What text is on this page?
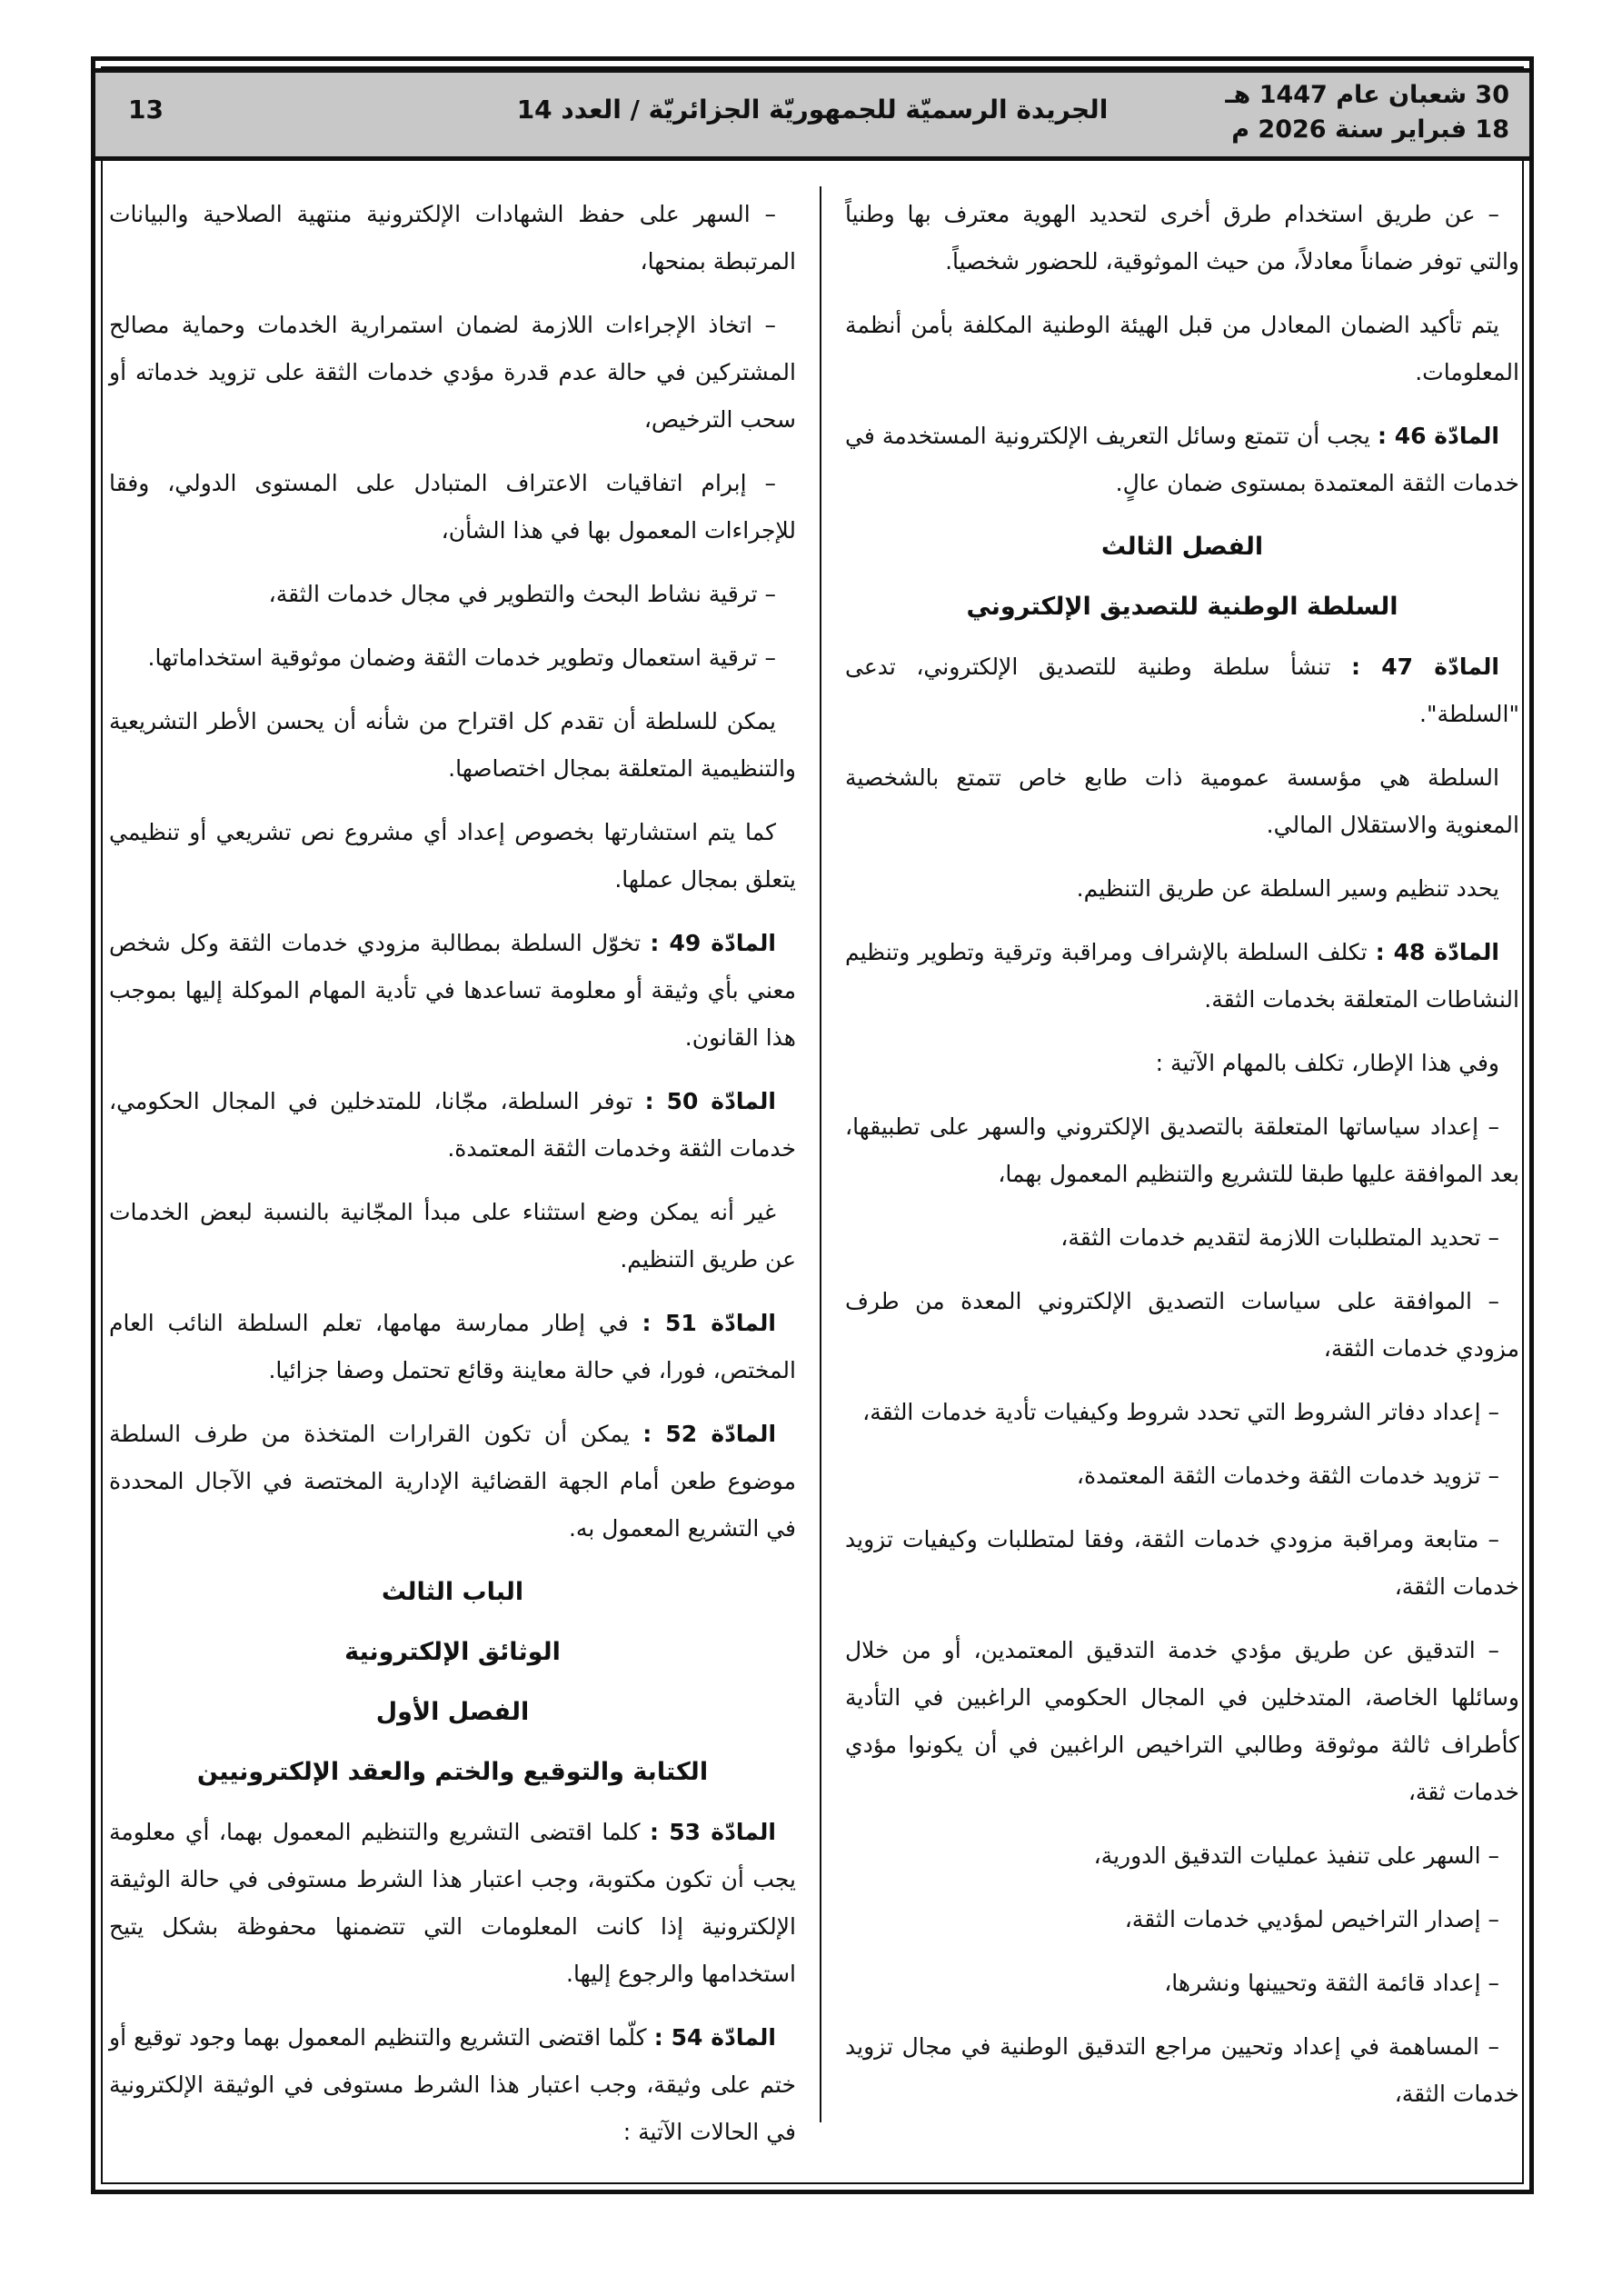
30 شعبان عام 1447 هـ
18 فبراير سنة 2026 م
الجريدة الرسميّة للجمهوريّة الجزائريّة / العدد 14
13

– عن طريق استخدام طرق أخرى لتحديد الهوية معترف بها وطنياً والتي توفر ضماناً معادلاً، من حيث الموثوقية، للحضور شخصياً.

يتم تأكيد الضمان المعادل من قبل الهيئة الوطنية المكلفة بأمن أنظمة المعلومات.

المادّة 46 : يجب أن تتمتع وسائل التعريف الإلكترونية المستخدمة في خدمات الثقة المعتمدة بمستوى ضمان عالٍ.

الفصل الثالث

السلطة الوطنية للتصديق الإلكتروني

المادّة 47 : تنشأ سلطة وطنية للتصديق الإلكتروني، تدعى "السلطة".

السلطة هي مؤسسة عمومية ذات طابع خاص تتمتع بالشخصية المعنوية والاستقلال المالي.

يحدد تنظيم وسير السلطة عن طريق التنظيم.

المادّة 48 : تكلف السلطة بالإشراف ومراقبة وترقية وتطوير وتنظيم النشاطات المتعلقة بخدمات الثقة.

وفي هذا الإطار، تكلف بالمهام الآتية :

– إعداد سياساتها المتعلقة بالتصديق الإلكتروني والسهر على تطبيقها، بعد الموافقة عليها طبقا للتشريع والتنظيم المعمول بهما،

– تحديد المتطلبات اللازمة لتقديم خدمات الثقة،

– الموافقة على سياسات التصديق الإلكتروني المعدة من طرف مزودي خدمات الثقة،

– إعداد دفاتر الشروط التي تحدد شروط وكيفيات تأدية خدمات الثقة،

– تزويد خدمات الثقة وخدمات الثقة المعتمدة،

– متابعة ومراقبة مزودي خدمات الثقة، وفقا لمتطلبات وكيفيات تزويد خدمات الثقة،

– التدقيق عن طريق مؤدي خدمة التدقيق المعتمدين، أو من خلال وسائلها الخاصة، المتدخلين في المجال الحكومي الراغبين في التأدية كأطراف ثالثة موثوقة وطالبي التراخيص الراغبين في أن يكونوا مؤدي خدمات ثقة،

– السهر على تنفيذ عمليات التدقيق الدورية،

– إصدار التراخيص لمؤديي خدمات الثقة،

– إعداد قائمة الثقة وتحيينها ونشرها،

– المساهمة في إعداد وتحيين مراجع التدقيق الوطنية في مجال تزويد خدمات الثقة،

– السهر على حفظ الشهادات الإلكترونية منتهية الصلاحية والبيانات المرتبطة بمنحها،

– اتخاذ الإجراءات اللازمة لضمان استمرارية الخدمات وحماية مصالح المشتركين في حالة عدم قدرة مؤدي خدمات الثقة على تزويد خدماته أو سحب الترخيص،

– إبرام اتفاقيات الاعتراف المتبادل على المستوى الدولي، وفقا للإجراءات المعمول بها في هذا الشأن،

– ترقية نشاط البحث والتطوير في مجال خدمات الثقة،

– ترقية استعمال وتطوير خدمات الثقة وضمان موثوقية استخداماتها.

يمكن للسلطة أن تقدم كل اقتراح من شأنه أن يحسن الأطر التشريعية والتنظيمية المتعلقة بمجال اختصاصها.

كما يتم استشارتها بخصوص إعداد أي مشروع نص تشريعي أو تنظيمي يتعلق بمجال عملها.

المادّة 49 : تخوّل السلطة بمطالبة مزودي خدمات الثقة وكل شخص معني بأي وثيقة أو معلومة تساعدها في تأدية المهام الموكلة إليها بموجب هذا القانون.

المادّة 50 : توفر السلطة، مجّانا، للمتدخلين في المجال الحكومي، خدمات الثقة وخدمات الثقة المعتمدة.

غير أنه يمكن وضع استثناء على مبدأ المجّانية بالنسبة لبعض الخدمات عن طريق التنظيم.

المادّة 51 : في إطار ممارسة مهامها، تعلم السلطة النائب العام المختص، فورا، في حالة معاينة وقائع تحتمل وصفا جزائيا.

المادّة 52 : يمكن أن تكون القرارات المتخذة من طرف السلطة موضوع طعن أمام الجهة القضائية الإدارية المختصة في الآجال المحددة في التشريع المعمول به.

الباب الثالث

الوثائق الإلكترونية

الفصل الأول

الكتابة والتوقيع والختم والعقد الإلكترونيين

المادّة 53 : كلما اقتضى التشريع والتنظيم المعمول بهما، أي معلومة يجب أن تكون مكتوبة، وجب اعتبار هذا الشرط مستوفى في حالة الوثيقة الإلكترونية إذا كانت المعلومات التي تتضمنها محفوظة بشكل يتيح استخدامها والرجوع إليها.

المادّة 54 : كلّما اقتضى التشريع والتنظيم المعمول بهما وجود توقيع أو ختم على وثيقة، وجب اعتبار هذا الشرط مستوفى في الوثيقة الإلكترونية في الحالات الآتية :
